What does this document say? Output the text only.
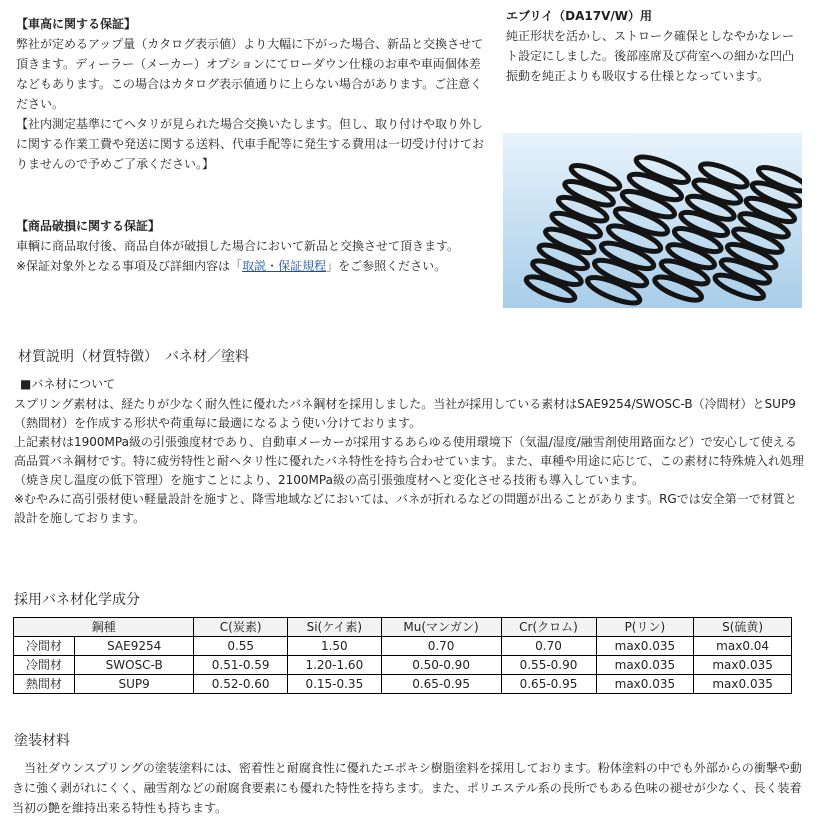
【車高に関する保証】

弊社が定めるアップ量（カタログ表示値）より大幅に下がった場合、新品と交換させて頂きます。ディーラー（メーカー）オプションにてローダウン仕様のお車や車両個体差などもあります。この場合はカタログ表示値通りに上らない場合があります。ご注意ください。

【社内測定基準にてヘタリが見られた場合交換いたします。但し、取り付けや取り外しに関する作業工費や発送に関する送料、代車手配等に発生する費用は一切受け付けておりませんので予めご了承ください。】

【商品破損に関する保証】

車輌に商品取付後、商品自体が破損した場合において新品と交換させて頂きます。

※保証対象外となる事項及び詳細内容は「取説・保証規程」をご参照ください。

エブリイ（DA17V/W）用

純正形状を活かし、ストローク確保としなやかなレート設定にしました。後部座席及び荷室への細かな凹凸振動を純正よりも吸収する仕様となっています。

材質説明（材質特徴）　バネ材／塗料
■バネ材について

スプリング素材は、経たりが少なく耐久性に優れたバネ鋼材を採用しました。当社が採用している素材はSAE9254/SWOSC-B（冷間材）とSUP9（熱間材）を作成する形状や荷重毎に最適になるよう使い分けております。

上記素材は1900MPa級の引張強度材であり、自動車メーカーが採用するあらゆる使用環境下（気温/湿度/融雪剤使用路面など）で安心して使える高品質バネ鋼材です。特に疲労特性と耐ヘタリ性に優れたバネ特性を持ち合わせています。また、車種や用途に応じて、この素材に特殊焼入れ処理（焼き戻し温度の低下管理）を施すことにより、2100MPa級の高引張強度材へと変化させる技術も導入しています。

※むやみに高引張材使い軽量設計を施すと、降雪地域などにおいては、バネが折れるなどの問題が出ることがあります。RGでは安全第一で材質と設計を施しております。

採用バネ材化学成分
鋼種		C(炭素)	Si(ケイ素)	Mu(マンガン)	Cr(クロム)	P(リン)	S(硫黄)
冷間材	SAE9254	0.55	1.50	0.70	0.70	max0.035	max0.04
冷間材	SWOSC-B	0.51-0.59	1.20-1.60	0.50-0.90	0.55-0.90	max0.035	max0.035
熱間材	SUP9	0.52-0.60	0.15-0.35	0.65-0.95	0.65-0.95	max0.035	max0.035
塗装材料
当社ダウンスプリングの塗装塗料には、密着性と耐腐食性に優れたエポキシ樹脂塗料を採用しております。粉体塗料の中でも外部からの衝撃や動きに強く剥がれにくく、融雪剤などの耐腐食要素にも優れた特性を持ちます。また、ポリエステル系の長所でもある色味の褪せが少なく、長く装着当初の艶を維持出来る特性も持ちます。
